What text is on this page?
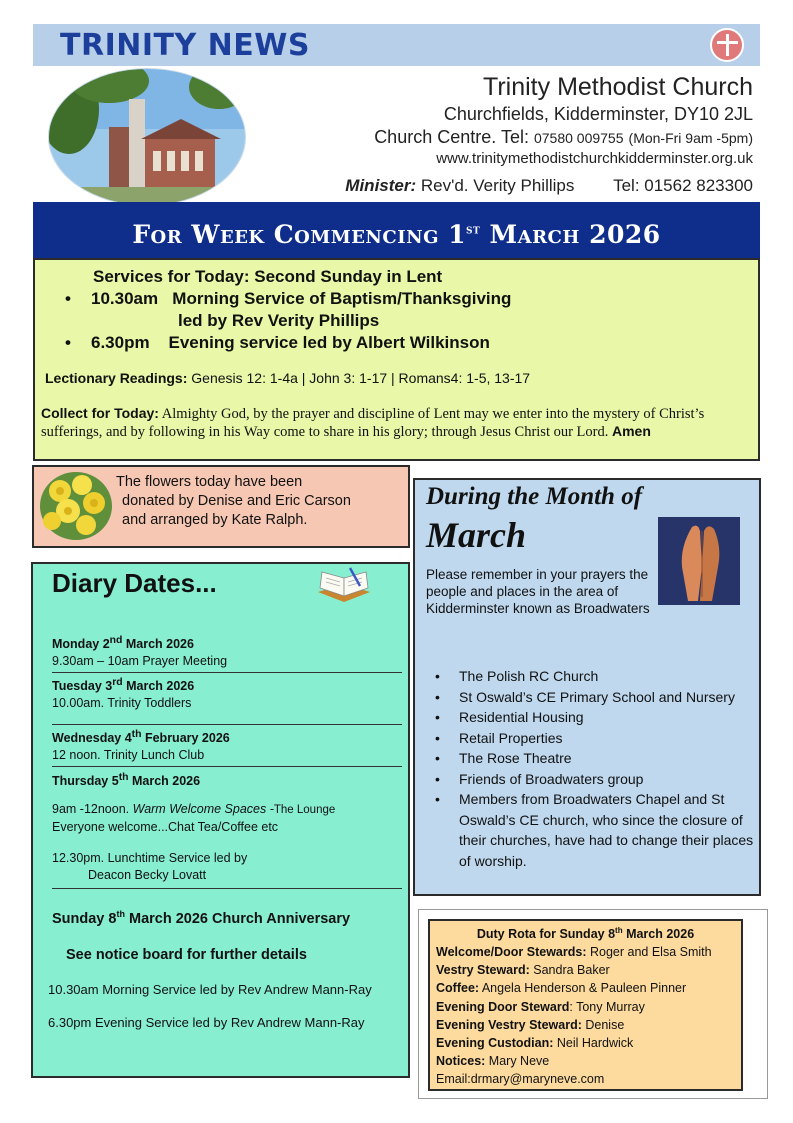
TRINITY NEWS
Trinity Methodist Church
Churchfields, Kidderminster, DY10 2JL
Church Centre. Tel: 07580 009755 (Mon-Fri 9am -5pm)
www.trinitymethodistchurchkidderminster.org.uk
Minister: Rev'd. Verity Phillips Tel: 01562 823300
For Week Commencing 1st March 2026
Services for Today: Second Sunday in Lent
• 10.30am Morning Service of Baptism/Thanksgiving
led by Rev Verity Phillips
• 6.30pm Evening service led by Albert Wilkinson
Lectionary Readings: Genesis 12: 1-4a | John 3: 1-17 | Romans4: 1-5, 13-17
Collect for Today: Almighty God, by the prayer and discipline of Lent may we enter into the mystery of Christ’s sufferings, and by following in his Way come to share in his glory; through Jesus Christ our Lord. Amen
The flowers today have been
donated by Denise and Eric Carson
and arranged by Kate Ralph.
Diary Dates...
Monday 2nd March 2026
9.30am – 10am Prayer Meeting
Tuesday 3rd March 2026
10.00am. Trinity Toddlers
Wednesday 4th February 2026
12 noon. Trinity Lunch Club
Thursday 5th March 2026
9am -12noon. Warm Welcome Spaces -The Lounge
Everyone welcome...Chat Tea/Coffee etc
12.30pm. Lunchtime Service led by
Deacon Becky Lovatt
Sunday 8th March 2026 Church Anniversary
See notice board for further details
10.30am Morning Service led by Rev Andrew Mann-Ray
6.30pm Evening Service led by Rev Andrew Mann-Ray
During the Month of
March
Please remember in your prayers the people and places in the area of Kidderminster known as Broadwaters
• The Polish RC Church
• St Oswald’s CE Primary School and Nursery
• Residential Housing
• Retail Properties
• The Rose Theatre
• Friends of Broadwaters group
• Members from Broadwaters Chapel and St Oswald’s CE church, who since the closure of their churches, have had to change their places of worship.
Duty Rota for Sunday 8th March 2026
Welcome/Door Stewards: Roger and Elsa Smith
Vestry Steward: Sandra Baker
Coffee: Angela Henderson & Pauleen Pinner
Evening Door Steward: Tony Murray
Evening Vestry Steward: Denise
Evening Custodian: Neil Hardwick
Notices: Mary Neve
Email:drmary@maryneve.com
